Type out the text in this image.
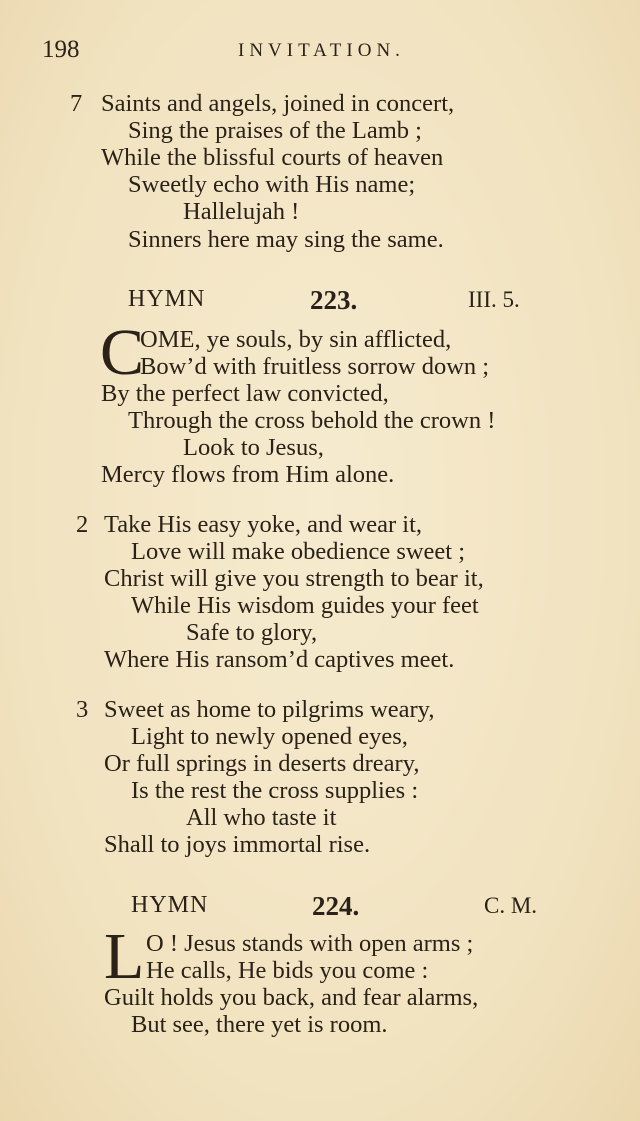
198	INVITATION.
7 Saints and angels, joined in concert,
Sing the praises of the Lamb ;
While the blissful courts of heaven
Sweetly echo with His name;
Hallelujah !
Sinners here may sing the same.
HYMN	223.	III. 5.
C
OME, ye souls, by sin afflicted,
Bow’d with fruitless sorrow down ;
By the perfect law convicted,
Through the cross behold the crown !
Look to Jesus,
Mercy flows from Him alone.
2 Take His easy yoke, and wear it,
Love will make obedience sweet ;
Christ will give you strength to bear it,
While His wisdom guides your feet
Safe to glory,
Where His ransom’d captives meet.
3 Sweet as home to pilgrims weary,
Light to newly opened eyes,
Or full springs in deserts dreary,
Is the rest the cross supplies :
All who taste it
Shall to joys immortal rise.
HYMN	224.	C. M.
L O ! Jesus stands with open arms ;
He calls, He bids you come :
Guilt holds you back, and fear alarms,
But see, there yet is room.
